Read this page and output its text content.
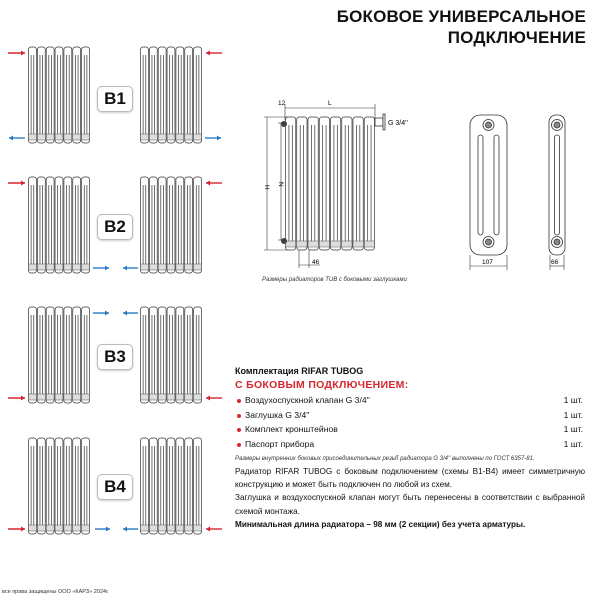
БОКОВОЕ УНИВЕРСАЛЬНОЕ
ПОДКЛЮЧЕНИЕ
B1
B2
B3
B4
12	L
G 3/4''
H
N
46	107	66
Размеры радиаторов TUB с боковыми заглушками
Комплектация RIFAR TUBOG
С БОКОВЫМ ПОДКЛЮЧЕНИЕМ:
Воздухоспускной клапан G 3/4''	1 шт.
Заглушка G 3/4''	1 шт.
Комплект кронштейнов	1 шт.
Паспорт прибора	1 шт.
Размеры внутренних боковых присоединительных резьб радиатора G 3/4'' выполнены по ГОСТ 6357-81.
Радиатор RIFAR TUBOG с боковым подключением (схемы B1-B4) имеет симметричную конструкцию и может быть подключен по любой из схем.
Заглушка и воздухоспускной клапан могут быть перенесены в соответствии с выбранной схемой монтажа.
Минимальная длина радиатора – 98 мм (2 секции) без учета арматуры.
все права защищены ООО «КАРЗ» 2024г.
